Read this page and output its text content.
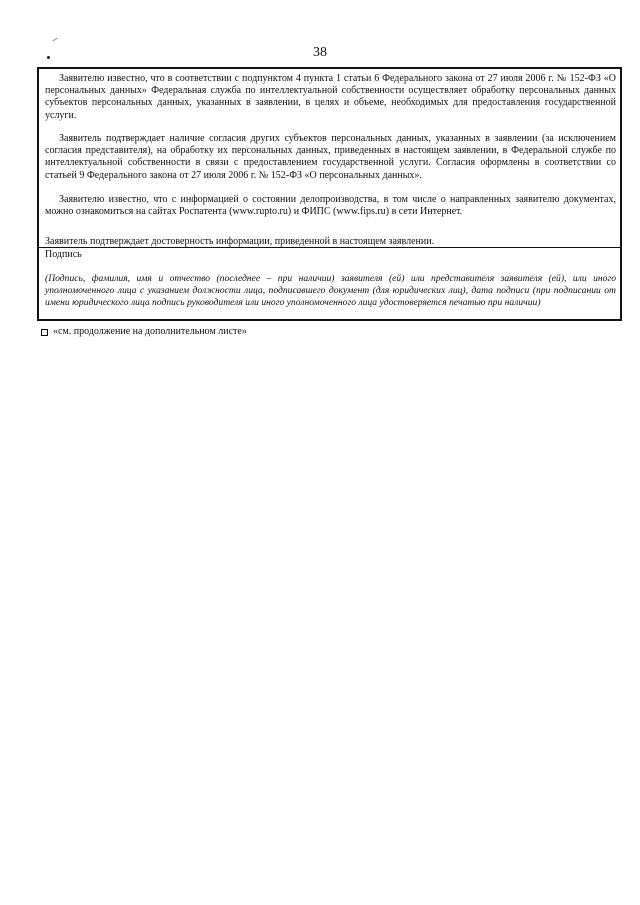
38

Заявителю известно, что в соответствии с подпунктом 4 пункта 1 статьи 6 Федерального закона от 27 июля 2006 г. № 152-ФЗ «О персональных данных» Федеральная служба по интеллектуальной собственности осуществляет обработку персональных данных субъектов персональных данных, указанных в заявлении, в целях и объеме, необходимых для предоставления государственной услуги.

Заявитель подтверждает наличие согласия других субъектов персональных данных, указанных в заявлении (за исключением согласия представителя), на обработку их персональных данных, приведенных в настоящем заявлении, в Федеральной службе по интеллектуальной собственности в связи с предоставлением государственной услуги. Согласия оформлены в соответствии со статьей 9 Федерального закона от 27 июля 2006 г. № 152-ФЗ «О персональных данных».

Заявителю известно, что с информацией о состоянии делопроизводства, в том числе о направленных заявителю документах, можно ознакомиться на сайтах Роспатента (www.rupto.ru) и ФИПС (www.fips.ru) в сети Интернет.

Заявитель подтверждает достоверность информации, приведенной в настоящем заявлении.

Подпись

(Подпись, фамилия, имя и отчество (последнее – при наличии) заявителя (ей) или представителя заявителя (ей), или иного уполномоченного лица с указанием должности лица, подписавшего документ (для юридических лиц), дата подписи (при подписании от имени юридического лица подпись руководителя или иного уполномоченного лица удостоверяется печатью при наличии)

«см. продолжение на дополнительном листе»
